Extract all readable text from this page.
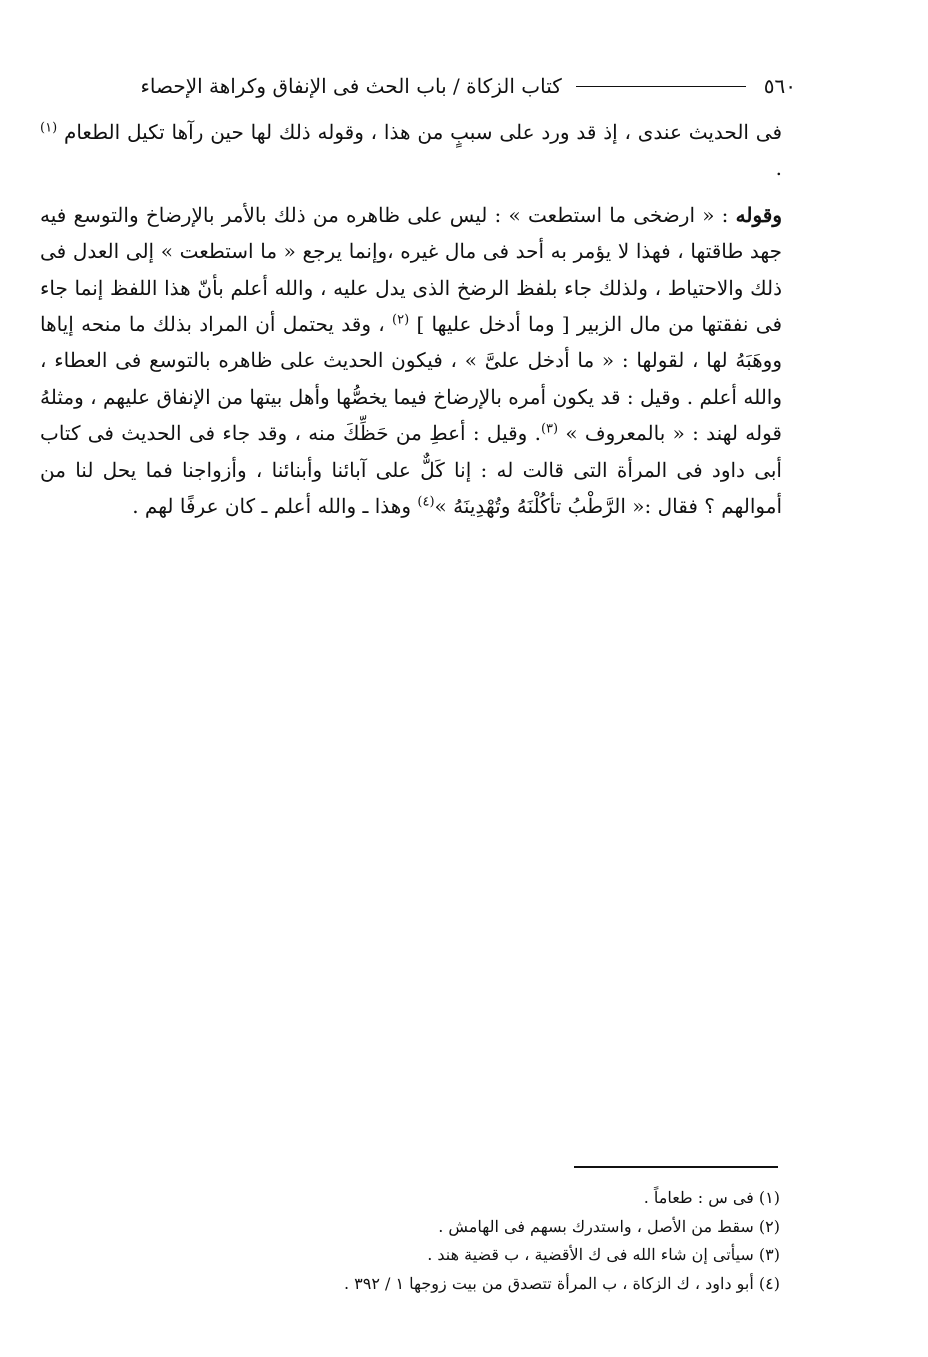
٥٦٠
كتاب الزكاة / باب الحث فى الإنفاق وكراهة الإحصاء

فى الحديث عندى ، إذ قد ورد على سببٍ من هذا ، وقوله ذلك لها حين رآها تكيل الطعام $^{(١)}$ .

وقوله : « ارضخى ما استطعت » : ليس على ظاهره من ذلك بالأمر بالإرضاخ والتوسع فيه جهد طاقتها ، فهذا لا يؤمر به أحد فى مال غيره ،وإنما يرجع « ما استطعت » إلى العدل فى ذلك والاحتياط ، ولذلك جاء بلفظ الرضخ الذى يدل عليه ، والله أعلم بأنّ هذا اللفظ إنما جاء فى نفقتها من مال الزبير [ وما أدخل عليها ] $^{(٢)}$ ، وقد يحتمل أن المراد بذلك ما منحه إياها ووهَبَهُ لها ، لقولها : « ما أدخل علىَّ » ، فيكون الحديث على ظاهره بالتوسع فى العطاء ، والله أعلم . وقيل : قد يكون أمره بالإرضاخ فيما يخصُّها وأهل بيتها من الإنفاق عليهم ، ومثلهُ قوله لهند : « بالمعروف » $^{(٣)}$. وقيل : أعطِ من حَظِّكَ منه ، وقد جاء فى الحديث فى كتاب أبى داود فى المرأة التى قالت له : إنا كَلٌّ على آبائنا وأبنائنا ، وأزواجنا فما يحل لنا من أموالهم ؟ فقال :« الرَّطْبُ تأكُلْنَهُ وتُهْدِينَهُ »$^{(٤)}$ وهذا ـ والله أعلم ـ كان عرفًا لهم .

(١) فى س : طعاماً .
(٢) سقط من الأصل ، واستدرك بسهم فى الهامش .
(٣) سيأتى إن شاء الله فى ك الأقضية ، ب قضية هند .
(٤) أبو داود ، ك الزكاة ، ب المرأة تتصدق من بيت زوجها ١ / ٣٩٢ .
